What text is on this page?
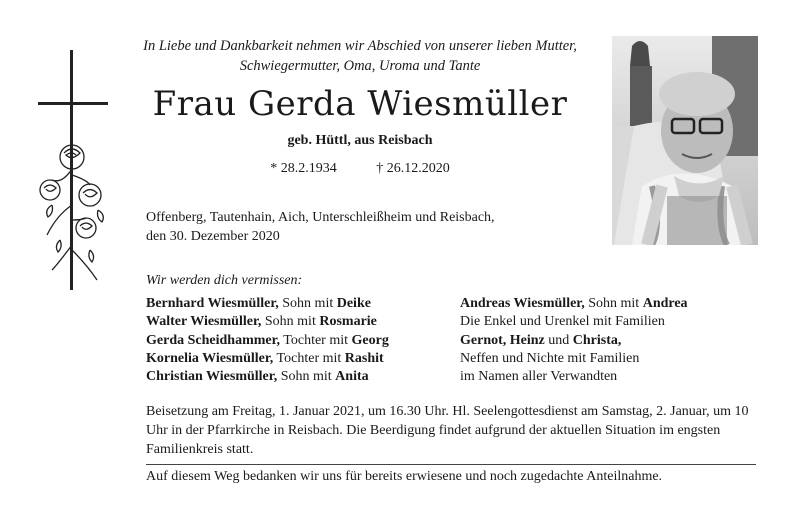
In Liebe und Dankbarkeit nehmen wir Abschied von unserer lieben Mutter,
Schwiegermutter, Oma, Uroma und Tante
Frau Gerda Wiesmüller
geb. Hüttl, aus Reisbach
* 28.2.1934	† 26.12.2020
Offenberg, Tautenhain, Aich, Unterschleißheim und Reisbach,
den 30. Dezember 2020
Wir werden dich vermissen:
Bernhard Wiesmüller, Sohn mit Deike
Walter Wiesmüller, Sohn mit Rosmarie
Gerda Scheidhammer, Tochter mit Georg
Kornelia Wiesmüller, Tochter mit Rashit
Christian Wiesmüller, Sohn mit Anita
Andreas Wiesmüller, Sohn mit Andrea
Die Enkel und Urenkel mit Familien
Gernot, Heinz und Christa,
Neffen und Nichte mit Familien
im Namen aller Verwandten
Beisetzung am Freitag, 1. Januar 2021, um 16.30 Uhr. Hl. Seelengottesdienst am Samstag, 2. Januar, um 10 Uhr in der Pfarrkirche in Reisbach. Die Beerdigung findet aufgrund der aktuellen Situation im engsten Familienkreis statt.
Auf diesem Weg bedanken wir uns für bereits erwiesene und noch zugedachte Anteilnahme.
